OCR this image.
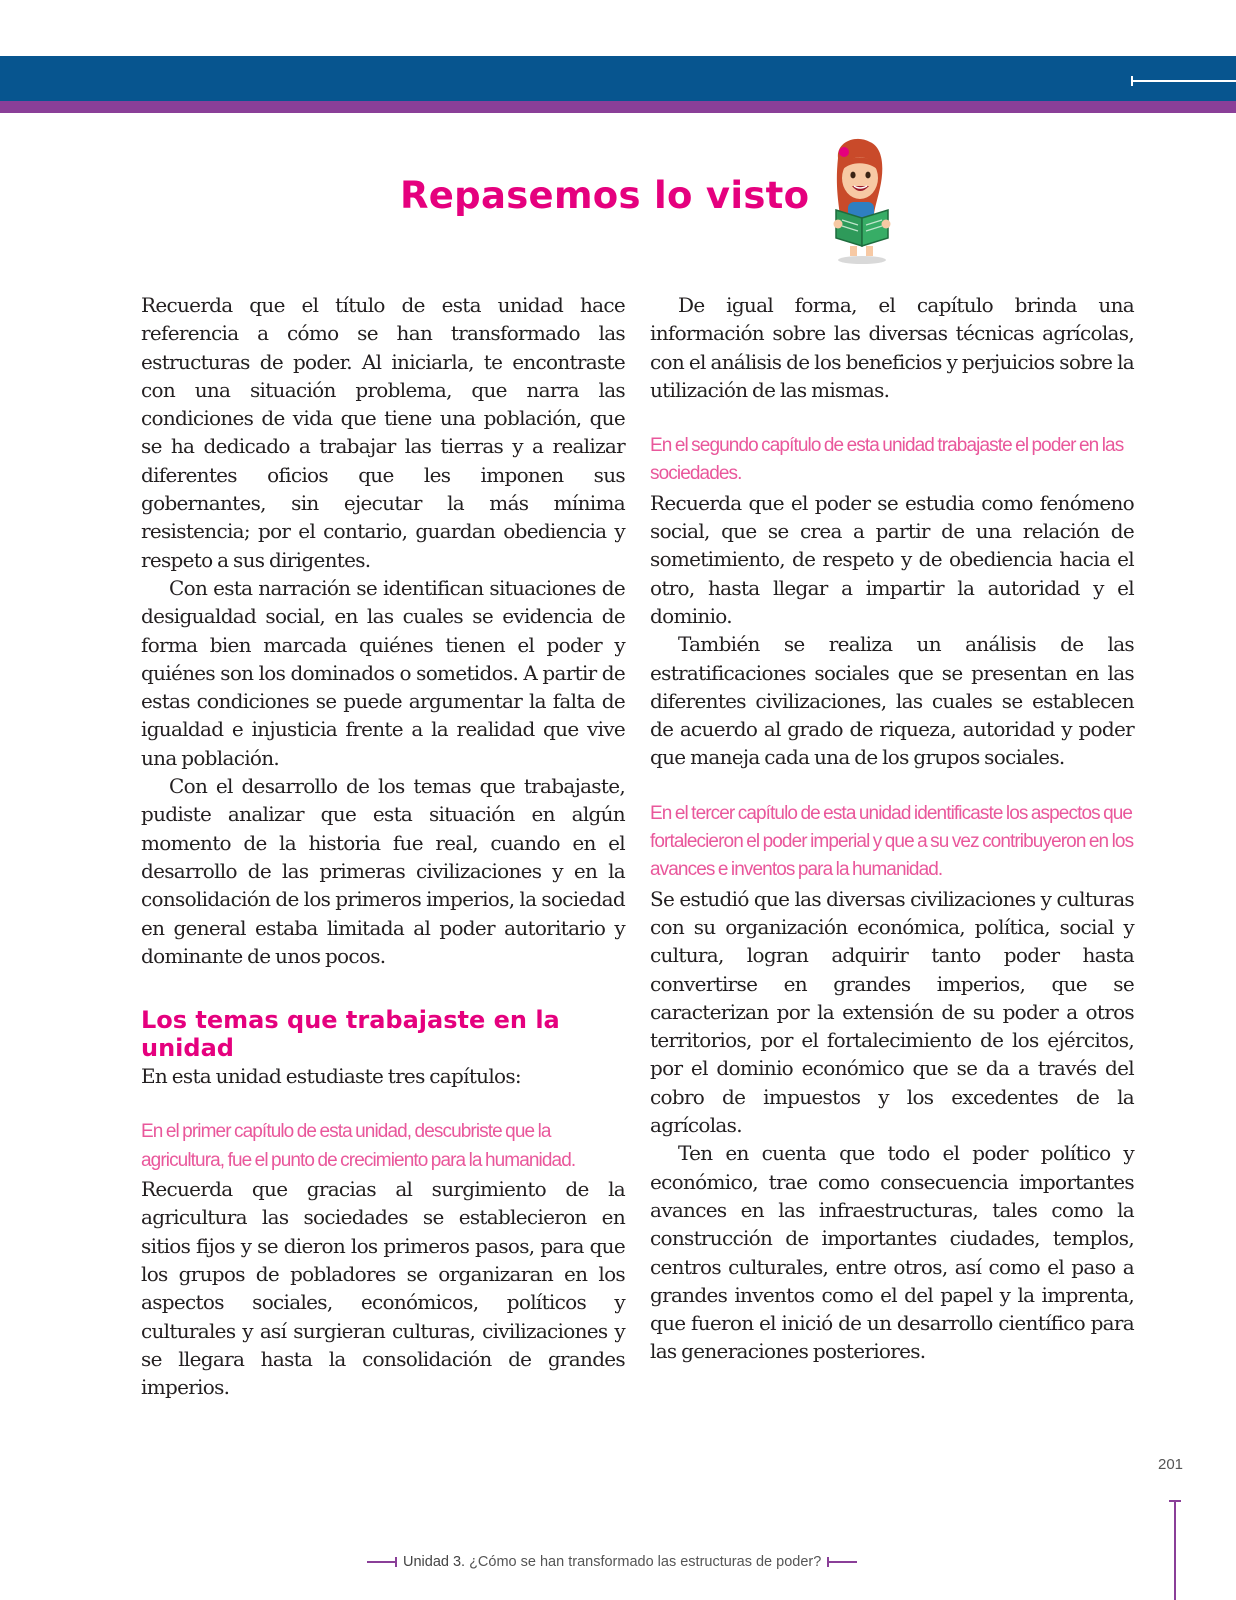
Repasemos lo visto

Recuerda que el título de esta unidad hace referencia a cómo se han transformado las estructuras de poder. Al iniciarla, te encontraste con una situación problema, que narra las condiciones de vida que tiene una población, que se ha dedicado a trabajar las tierras y a realizar diferentes oficios que les imponen sus gobernantes, sin ejecutar la más mínima resistencia; por el contario, guardan obediencia y respeto a sus dirigentes.

Con esta narración se identifican situaciones de desigualdad social, en las cuales se evidencia de forma bien marcada quiénes tienen el poder y quiénes son los dominados o sometidos. A partir de estas condiciones se puede argumentar la falta de igualdad e injusticia frente a la realidad que vive una población.

Con el desarrollo de los temas que trabajaste, pudiste analizar que esta situación en algún momento de la historia fue real, cuando en el desarrollo de las primeras civilizaciones y en la consolidación de los primeros imperios, la sociedad en general estaba limitada al poder autoritario y dominante de unos pocos.

Los temas que trabajaste en la unidad

En esta unidad estudiaste tres capítulos:

En el primer capítulo de esta unidad, descubriste que la agricultura, fue el punto de crecimiento para la humanidad.

Recuerda que gracias al surgimiento de la agricultura las sociedades se establecieron en sitios fijos y se dieron los primeros pasos, para que los grupos de pobladores se organizaran en los aspectos sociales, económicos, políticos y culturales y así surgieran culturas, civilizaciones y se llegara hasta la consolidación de grandes imperios.

De igual forma, el capítulo brinda una información sobre las diversas técnicas agrícolas, con el análisis de los beneficios y perjuicios sobre la utilización de las mismas.

En el segundo capítulo de esta unidad trabajaste el poder en las sociedades.

Recuerda que el poder se estudia como fenómeno social, que se crea a partir de una relación de sometimiento, de respeto y de obediencia hacia el otro, hasta llegar a impartir la autoridad y el dominio.

También se realiza un análisis de las estratificaciones sociales que se presentan en las diferentes civilizaciones, las cuales se establecen de acuerdo al grado de riqueza, autoridad y poder que maneja cada una de los grupos sociales.

En el tercer capítulo de esta unidad identificaste los aspectos que fortalecieron el poder imperial y que a su vez contribuyeron en los avances e inventos para la humanidad.

Se estudió que las diversas civilizaciones y culturas con su organización económica, política, social y cultura, logran adquirir tanto poder hasta convertirse en grandes imperios, que se caracterizan por la extensión de su poder a otros territorios, por el fortalecimiento de los ejércitos, por el dominio económico que se da a través del cobro de impuestos y los excedentes de la agrícolas.

Ten en cuenta que todo el poder político y económico, trae como consecuencia importantes avances en las infraestructuras, tales como la construcción de importantes ciudades, templos, centros culturales, entre otros, así como el paso a grandes inventos como el del papel y la imprenta, que fueron el inició de un desarrollo científico para las generaciones posteriores.

201
Unidad 3. ¿Cómo se han transformado las estructuras de poder?
